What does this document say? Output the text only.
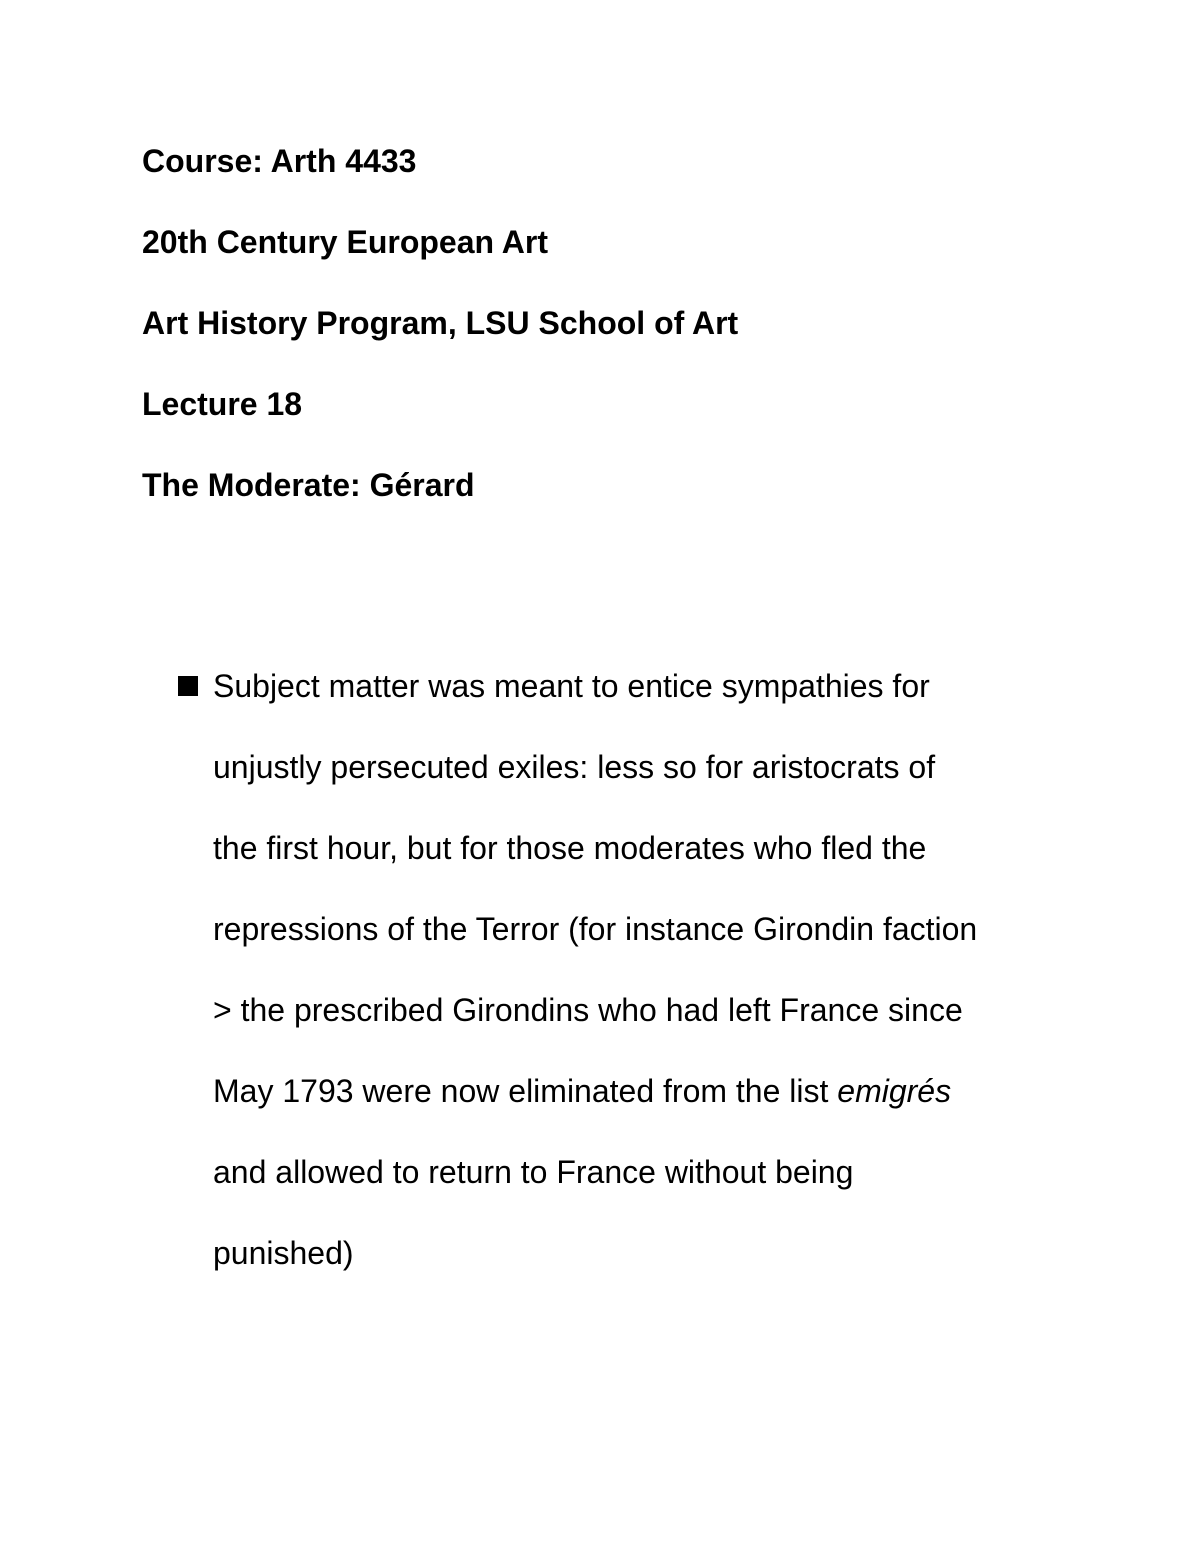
Course: Arth 4433

20th Century European Art

Art History Program, LSU School of Art

Lecture 18

The Moderate: Gérard

Subject matter was meant to entice sympathies for

unjustly persecuted exiles: less so for aristocrats of

the first hour, but for those moderates who fled the

repressions of the Terror (for instance Girondin faction

> the prescribed Girondins who had left France since

May 1793 were now eliminated from the list emigrés

and allowed to return to France without being

punished)
